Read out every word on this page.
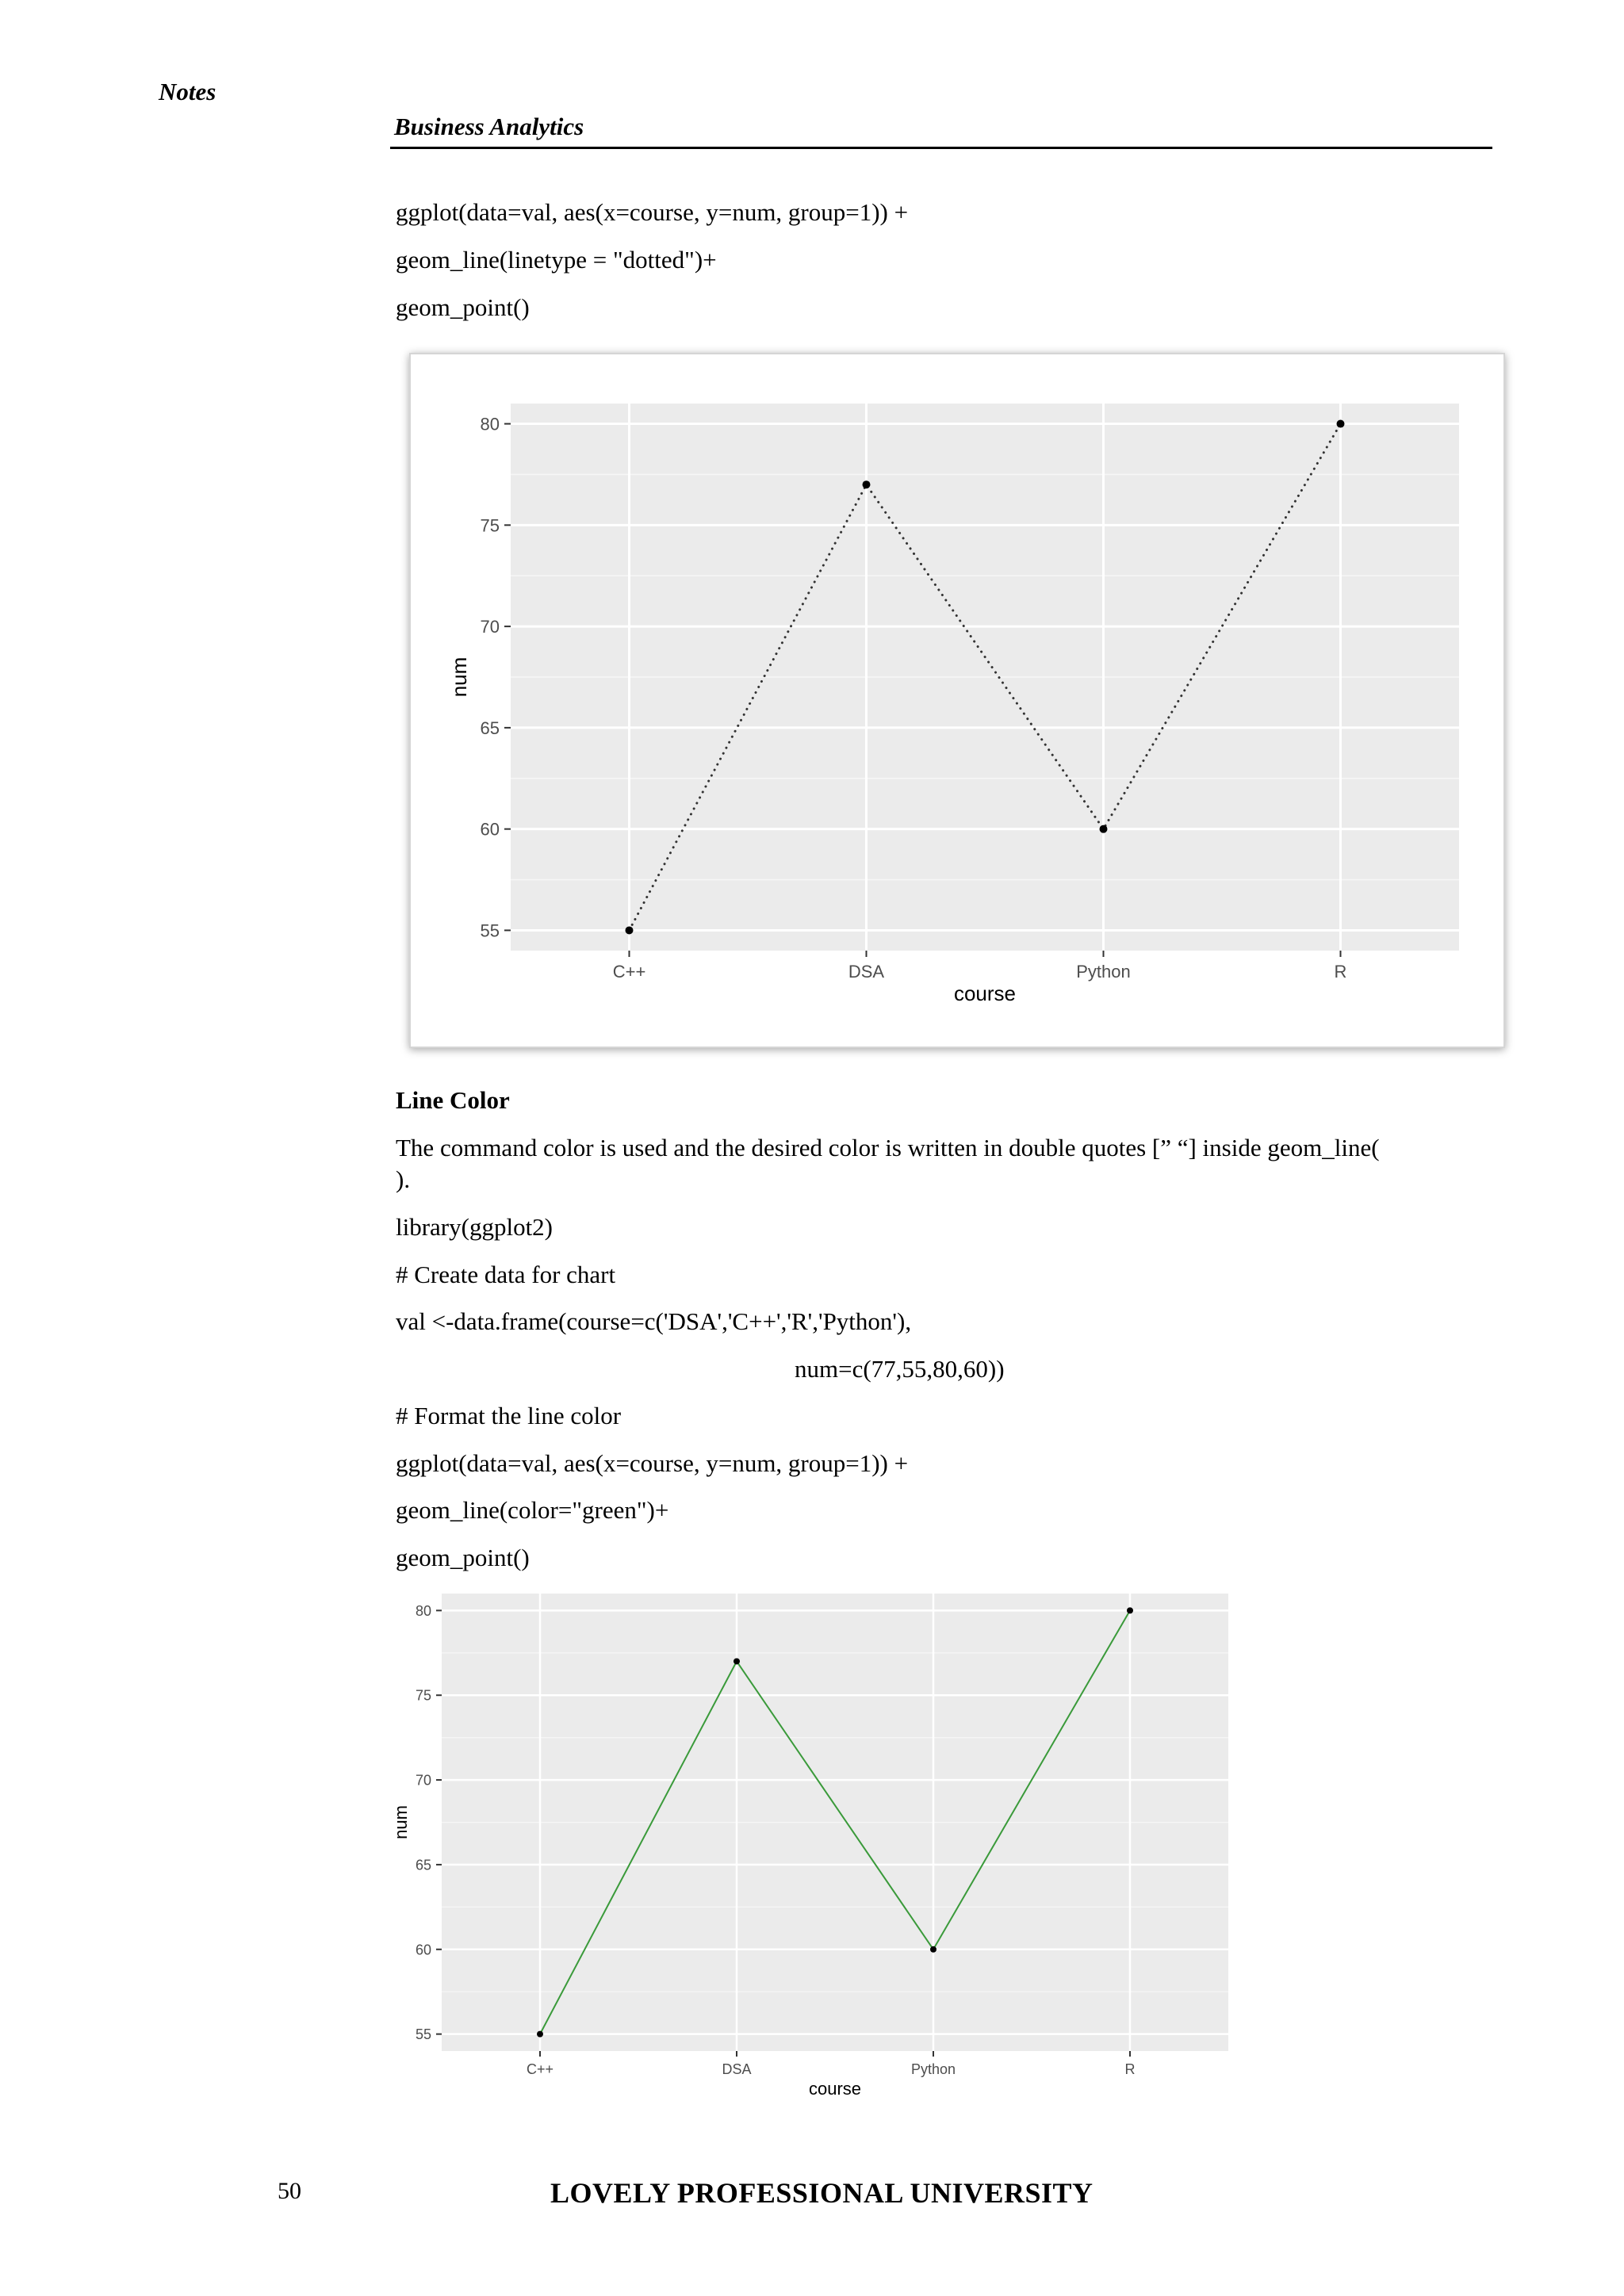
Notes
Business Analytics
ggplot(data=val, aes(x=course, y=num, group=1)) +
geom_line(linetype = "dotted")+
geom_point()
55
60
65
70
75
80
C++	DSA	Python	R
course
num
Line Color
The command color is used and the desired color is written in double quotes [” “] inside geom_line(
).
library(ggplot2)
# Create data for chart
val <-data.frame(course=c('DSA','C++','R','Python'),
num=c(77,55,80,60))
# Format the line color
ggplot(data=val, aes(x=course, y=num, group=1)) +
geom_line(color="green")+
geom_point()
55
60
65
70
75
80
C++	DSA	Python	R
course
num
50	LOVELY PROFESSIONAL UNIVERSITY
